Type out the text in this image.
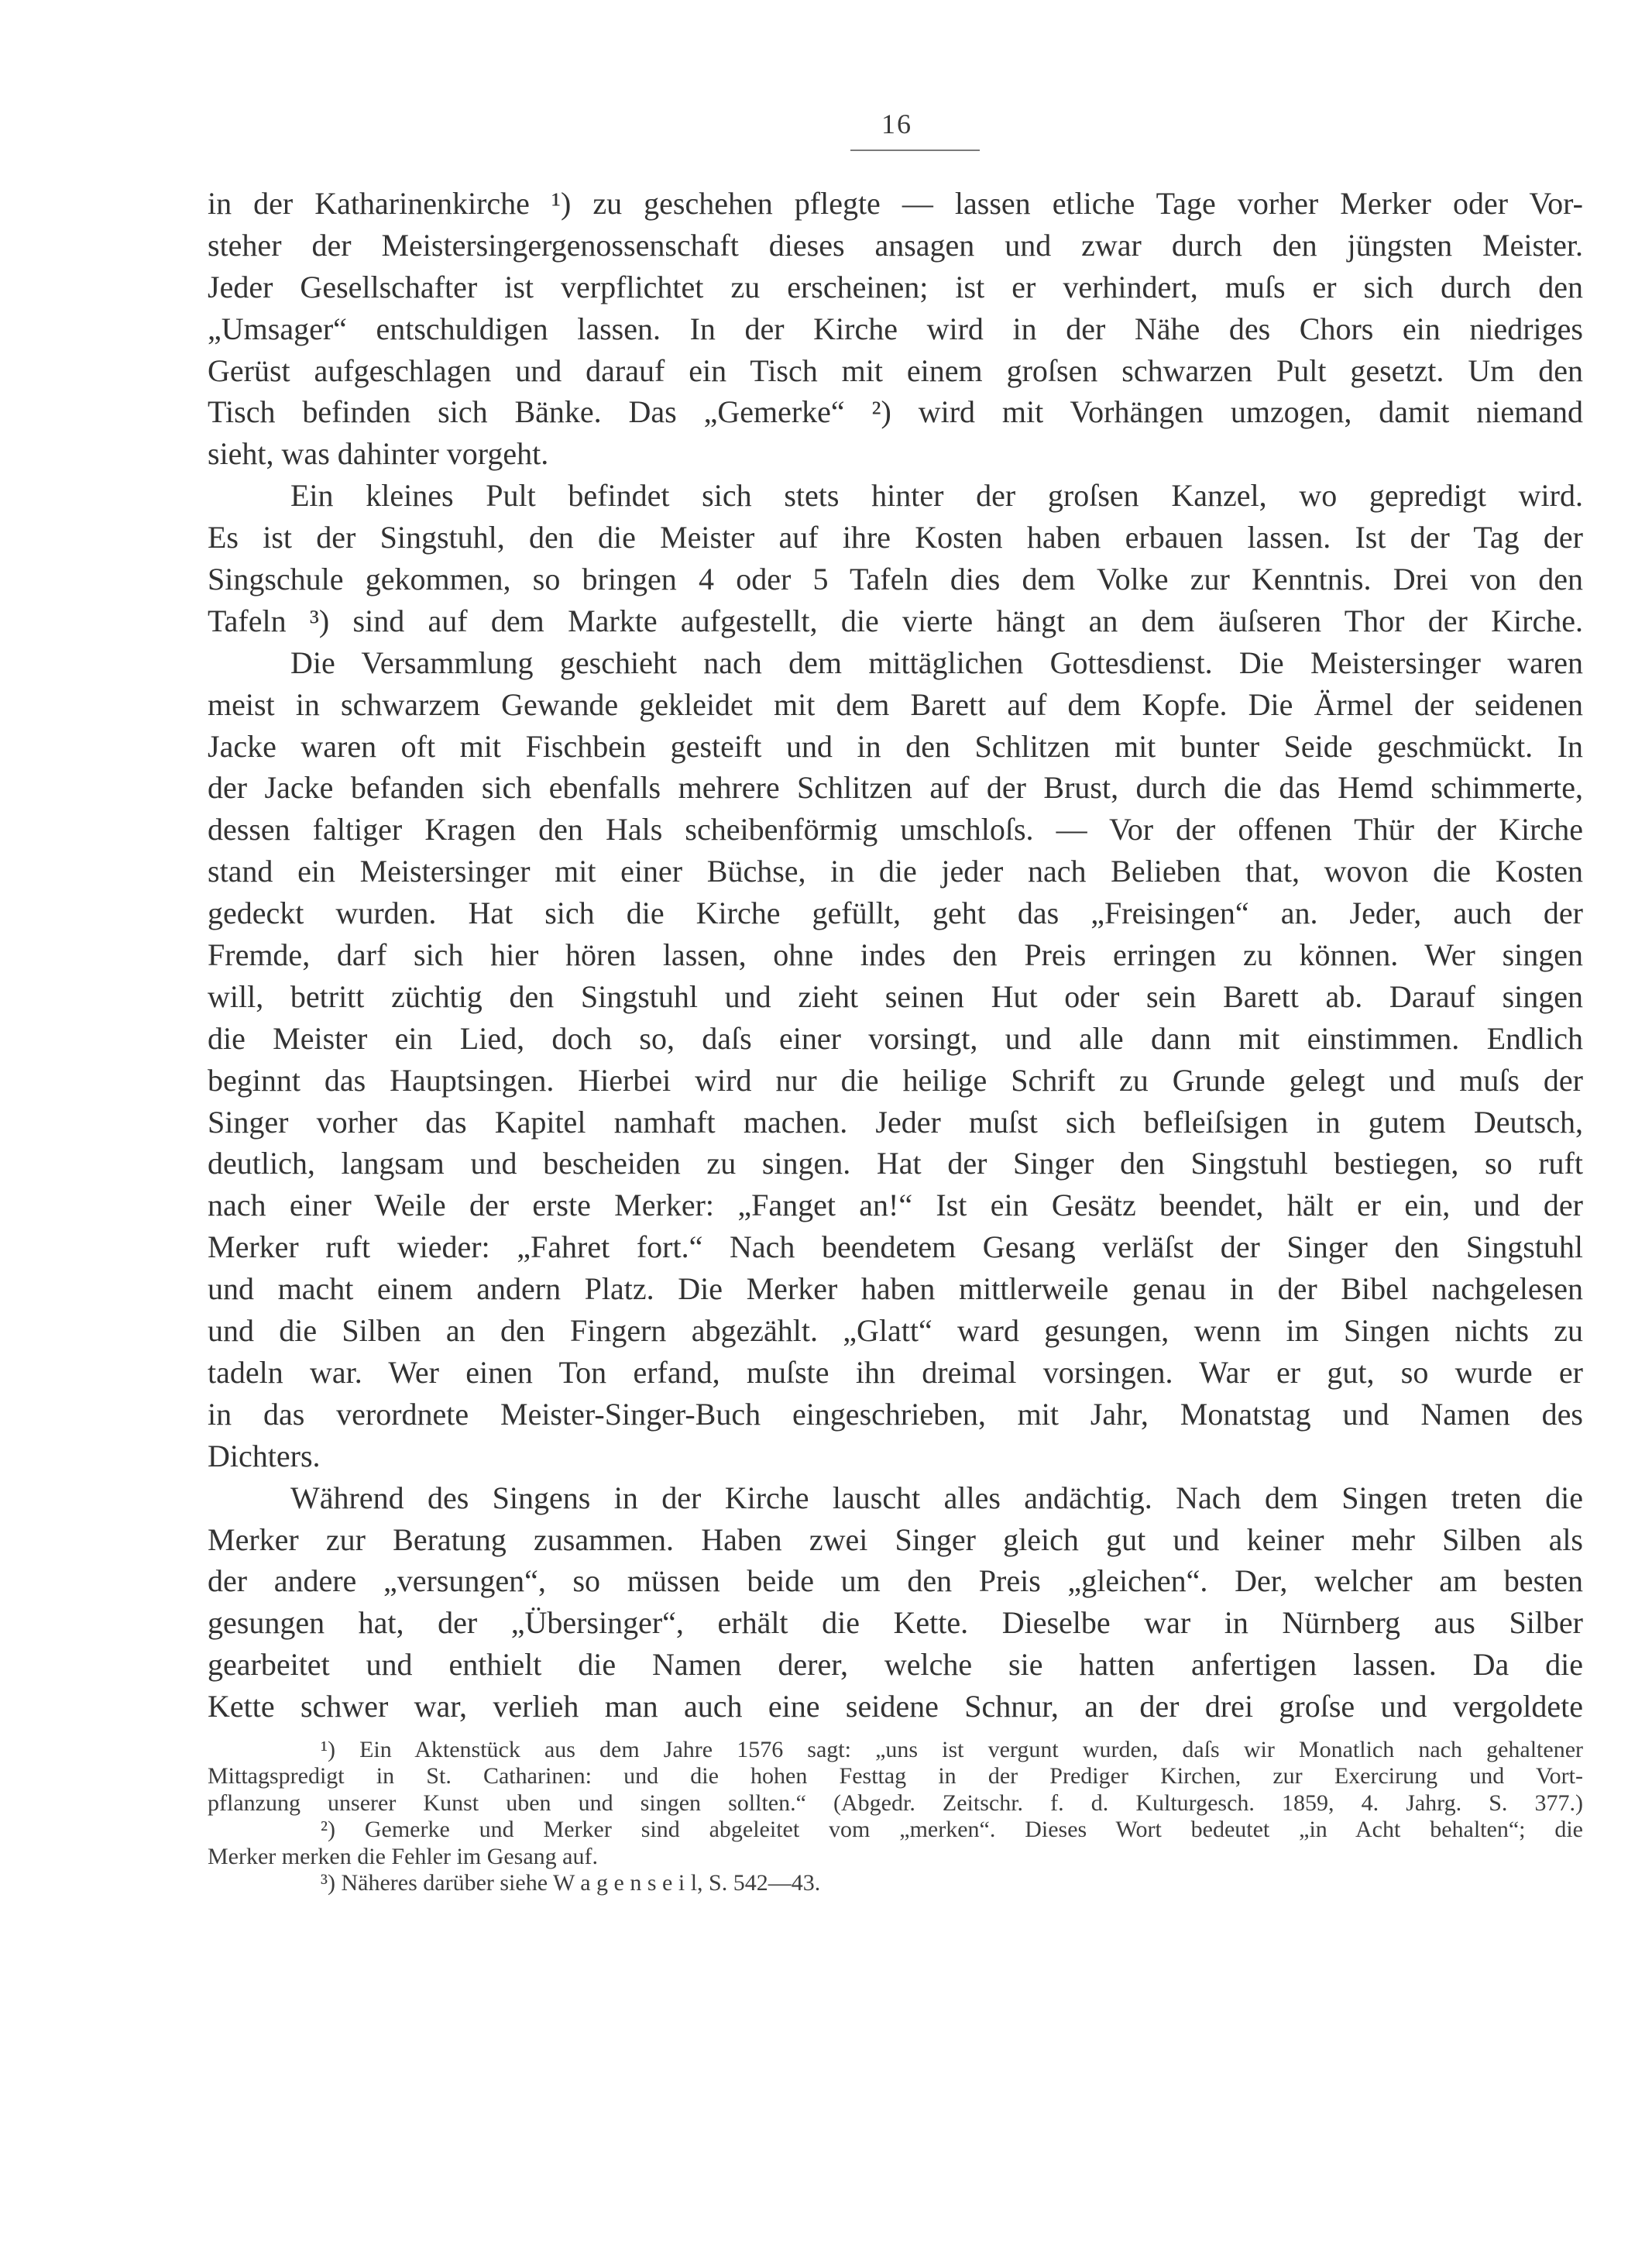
16
in der Katharinenkirche ¹) zu geschehen pflegte — lassen etliche Tage vorher Merker oder Vor-
steher der Meistersingergenossenschaft dieses ansagen und zwar durch den jüngsten Meister.
Jeder Gesellschafter ist verpflichtet zu erscheinen; ist er verhindert, muſs er sich durch den
„Umsager“ entschuldigen lassen. In der Kirche wird in der Nähe des Chors ein niedriges
Gerüst aufgeschlagen und darauf ein Tisch mit einem groſsen schwarzen Pult gesetzt. Um den
Tisch befinden sich Bänke. Das „Gemerke“ ²) wird mit Vorhängen umzogen, damit niemand
sieht, was dahinter vorgeht.
Ein kleines Pult befindet sich stets hinter der groſsen Kanzel, wo gepredigt wird.
Es ist der Singstuhl, den die Meister auf ihre Kosten haben erbauen lassen. Ist der Tag der
Singschule gekommen, so bringen 4 oder 5 Tafeln dies dem Volke zur Kenntnis. Drei von den
Tafeln ³) sind auf dem Markte aufgestellt, die vierte hängt an dem äuſseren Thor der Kirche.
Die Versammlung geschieht nach dem mittäglichen Gottesdienst. Die Meistersinger waren
meist in schwarzem Gewande gekleidet mit dem Barett auf dem Kopfe. Die Ärmel der seidenen
Jacke waren oft mit Fischbein gesteift und in den Schlitzen mit bunter Seide geschmückt. In
der Jacke befanden sich ebenfalls mehrere Schlitzen auf der Brust, durch die das Hemd schimmerte,
dessen faltiger Kragen den Hals scheibenförmig umschloſs. — Vor der offenen Thür der Kirche
stand ein Meistersinger mit einer Büchse, in die jeder nach Belieben that, wovon die Kosten
gedeckt wurden. Hat sich die Kirche gefüllt, geht das „Freisingen“ an. Jeder, auch der
Fremde, darf sich hier hören lassen, ohne indes den Preis erringen zu können. Wer singen
will, betritt züchtig den Singstuhl und zieht seinen Hut oder sein Barett ab. Darauf singen
die Meister ein Lied, doch so, daſs einer vorsingt, und alle dann mit einstimmen. Endlich
beginnt das Hauptsingen. Hierbei wird nur die heilige Schrift zu Grunde gelegt und muſs der
Singer vorher das Kapitel namhaft machen. Jeder muſst sich befleiſsigen in gutem Deutsch,
deutlich, langsam und bescheiden zu singen. Hat der Singer den Singstuhl bestiegen, so ruft
nach einer Weile der erste Merker: „Fanget an!“ Ist ein Gesätz beendet, hält er ein, und der
Merker ruft wieder: „Fahret fort.“ Nach beendetem Gesang verläſst der Singer den Singstuhl
und macht einem andern Platz. Die Merker haben mittlerweile genau in der Bibel nachgelesen
und die Silben an den Fingern abgezählt. „Glatt“ ward gesungen, wenn im Singen nichts zu
tadeln war. Wer einen Ton erfand, muſste ihn dreimal vorsingen. War er gut, so wurde er
in das verordnete Meister-Singer-Buch eingeschrieben, mit Jahr, Monatstag und Namen des
Dichters.
Während des Singens in der Kirche lauscht alles andächtig. Nach dem Singen treten die
Merker zur Beratung zusammen. Haben zwei Singer gleich gut und keiner mehr Silben als
der andere „versungen“, so müssen beide um den Preis „gleichen“. Der, welcher am besten
gesungen hat, der „Übersinger“, erhält die Kette. Dieselbe war in Nürnberg aus Silber
gearbeitet und enthielt die Namen derer, welche sie hatten anfertigen lassen. Da die
Kette schwer war, verlieh man auch eine seidene Schnur, an der drei groſse und vergoldete
¹) Ein Aktenstück aus dem Jahre 1576 sagt: „uns ist vergunt wurden, daſs wir Monatlich nach gehaltener
Mittagspredigt in St. Catharinen: und die hohen Festtag in der Prediger Kirchen, zur Exercirung und Vort-
pflanzung unserer Kunst uben und singen sollten.“ (Abgedr. Zeitschr. f. d. Kulturgesch. 1859, 4. Jahrg. S. 377.)
²) Gemerke und Merker sind abgeleitet vom „merken“. Dieses Wort bedeutet „in Acht behalten“; die
Merker merken die Fehler im Gesang auf.
³) Näheres darüber siehe W a g e n s e i l, S. 542—43.
